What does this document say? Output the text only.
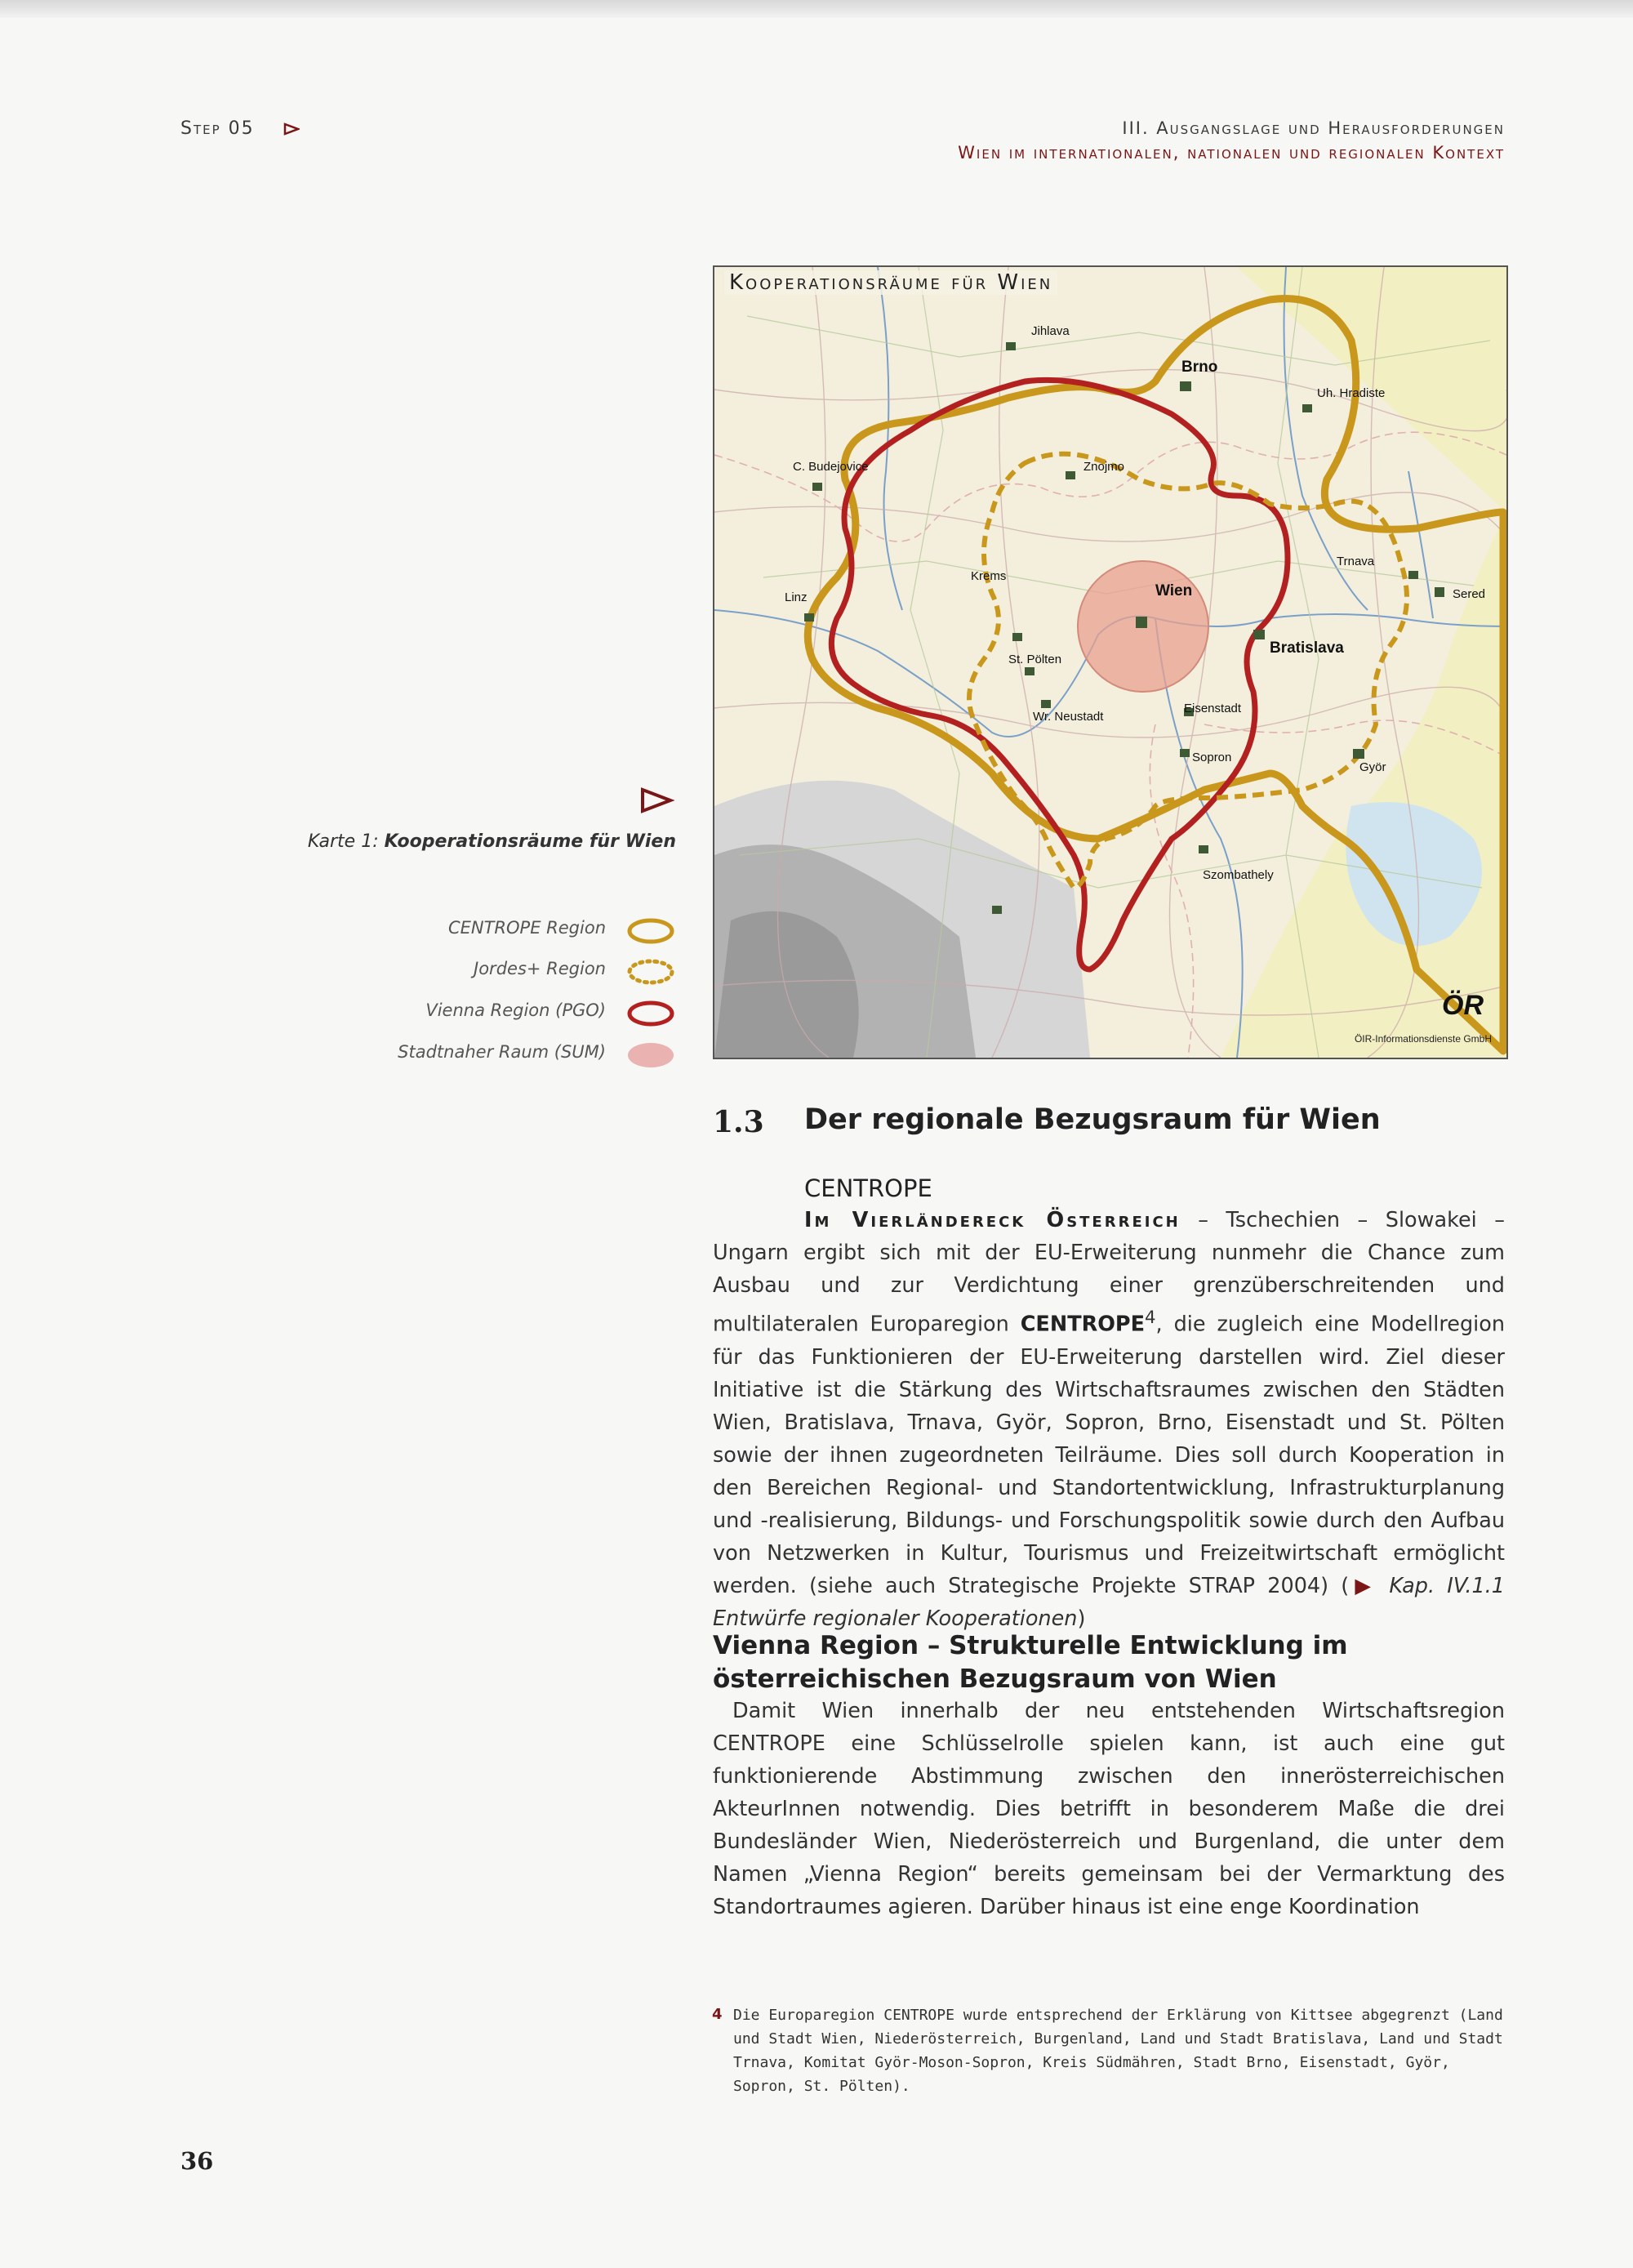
Step 05	III. Ausgangslage und Herausforderungen
Wien im internationalen, nationalen und regionalen Kontext
Kooperationsräume für Wien
Jihlava
Brno
Uh. Hradiste
C. Budejovice	Znojmo
Trnava
Linz
Krems
Wien	Sered
Bratislava
St. Pölten
Wr. Neustadt
Eisenstadt
Sopron
Györ
Szombathely
ÖR
ÖIR-Informationsdienste GmbH
Karte 1: Kooperationsräume für Wien
CENTROPE Region
Jordes+ Region
Vienna Region (PGO)
Stadtnaher Raum (SUM)
1.3 Der regionale Bezugsraum für Wien
CENTROPE
Im Vierländereck Österreich – Tschechien – Slowakei – Ungarn ergibt sich mit der EU-Erweiterung nunmehr die Chance zum Ausbau und zur Verdichtung einer grenzüberschreitenden und multilateralen Europaregion CENTROPE$^4$, die zugleich eine Modellregion für das Funktionieren der EU-Erweiterung darstellen wird. Ziel dieser Initiative ist die Stärkung des Wirtschaftsraumes zwischen den Städten Wien, Bratislava, Trnava, Györ, Sopron, Brno, Eisenstadt und St. Pölten sowie der ihnen zugeordneten Teilräume. Dies soll durch Kooperation in den Bereichen Regional- und Standortentwicklung, Infrastrukturplanung und -realisierung, Bildungs- und Forschungspolitik sowie durch den Aufbau von Netzwerken in Kultur, Tourismus und Freizeitwirtschaft ermöglicht werden. (siehe auch Strategische Projekte STRAP 2004) (▶ Kap. IV.1.1 Entwürfe regionaler Kooperationen)
Vienna Region – Strukturelle Entwicklung im österreichischen Bezugsraum von Wien
Damit Wien innerhalb der neu entstehenden Wirtschaftsregion CENTROPE eine Schlüsselrolle spielen kann, ist auch eine gut funktionierende Abstimmung zwischen den innerösterreichischen AkteurInnen notwendig. Dies betrifft in besonderem Maße die drei Bundesländer Wien, Niederösterreich und Burgenland, die unter dem Namen „Vienna Region“ bereits gemeinsam bei der Vermarktung des Standortraumes agieren. Darüber hinaus ist eine enge Koordination
4 Die Europaregion CENTROPE wurde entsprechend der Erklärung von Kittsee abgegrenzt (Land und Stadt Wien, Niederösterreich, Burgenland, Land und Stadt Bratislava, Land und Stadt Trnava, Komitat Györ-Moson-Sopron, Kreis Südmähren, Stadt Brno, Eisenstadt, Györ, Sopron, St. Pölten).
36
